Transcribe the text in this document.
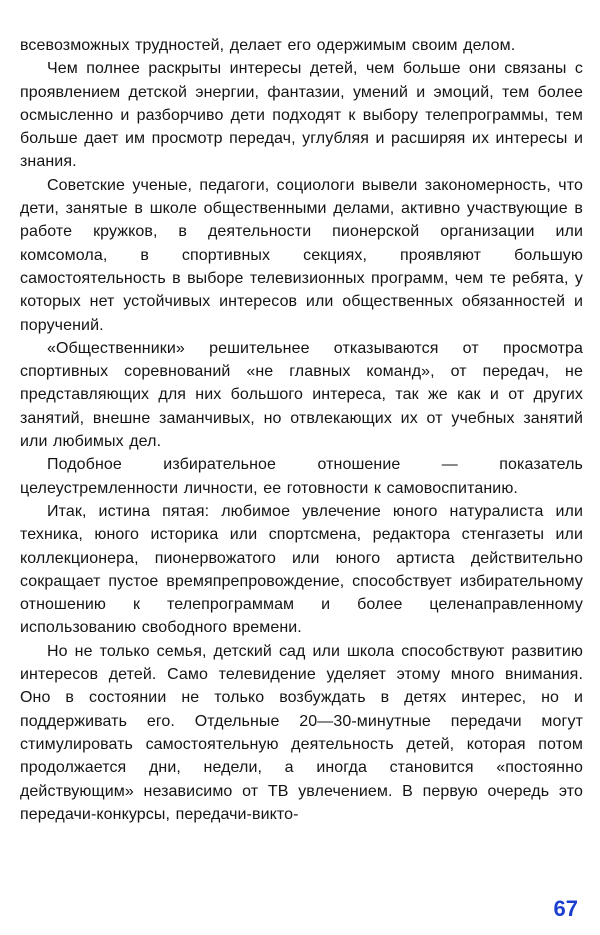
всевозможных трудностей, делает его одержимым своим делом.

Чем полнее раскрыты интересы детей, чем больше они связаны с проявлением детской энергии, фантазии, умений и эмоций, тем более осмысленно и разборчиво дети подходят к выбору телепрограммы, тем больше дает им просмотр передач, углубляя и расширяя их интересы и знания.

Советские ученые, педагоги, социологи вывели закономерность, что дети, занятые в школе общественными делами, активно участвующие в работе кружков, в деятельности пионерской организации или комсомола, в спортивных секциях, проявляют большую самостоятельность в выборе телевизионных программ, чем те ребята, у которых нет устойчивых интересов или общественных обязанностей и поручений.

«Общественники» решительнее отказываются от просмотра спортивных соревнований «не главных команд», от передач, не представляющих для них большого интереса, так же как и от других занятий, внешне заманчивых, но отвлекающих их от учебных занятий или любимых дел.

Подобное избирательное отношение — показатель целеустремленности личности, ее готовности к самовоспитанию.

Итак, истина пятая: любимое увлечение юного натуралиста или техника, юного историка или спортсмена, редактора стенгазеты или коллекционера, пионервожатого или юного артиста действительно сокращает пустое времяпрепровождение, способствует избирательному отношению к телепрограммам и более целенаправленному использованию свободного времени.

Но не только семья, детский сад или школа способствуют развитию интересов детей. Само телевидение уделяет этому много внимания. Оно в состоянии не только возбуждать в детях интерес, но и поддерживать его. Отдельные 20—30-минутные передачи могут стимулировать самостоятельную деятельность детей, которая потом продолжается дни, недели, а иногда становится «постоянно действующим» независимо от ТВ увлечением. В первую очередь это передачи-конкурсы, передачи-викто-

67
